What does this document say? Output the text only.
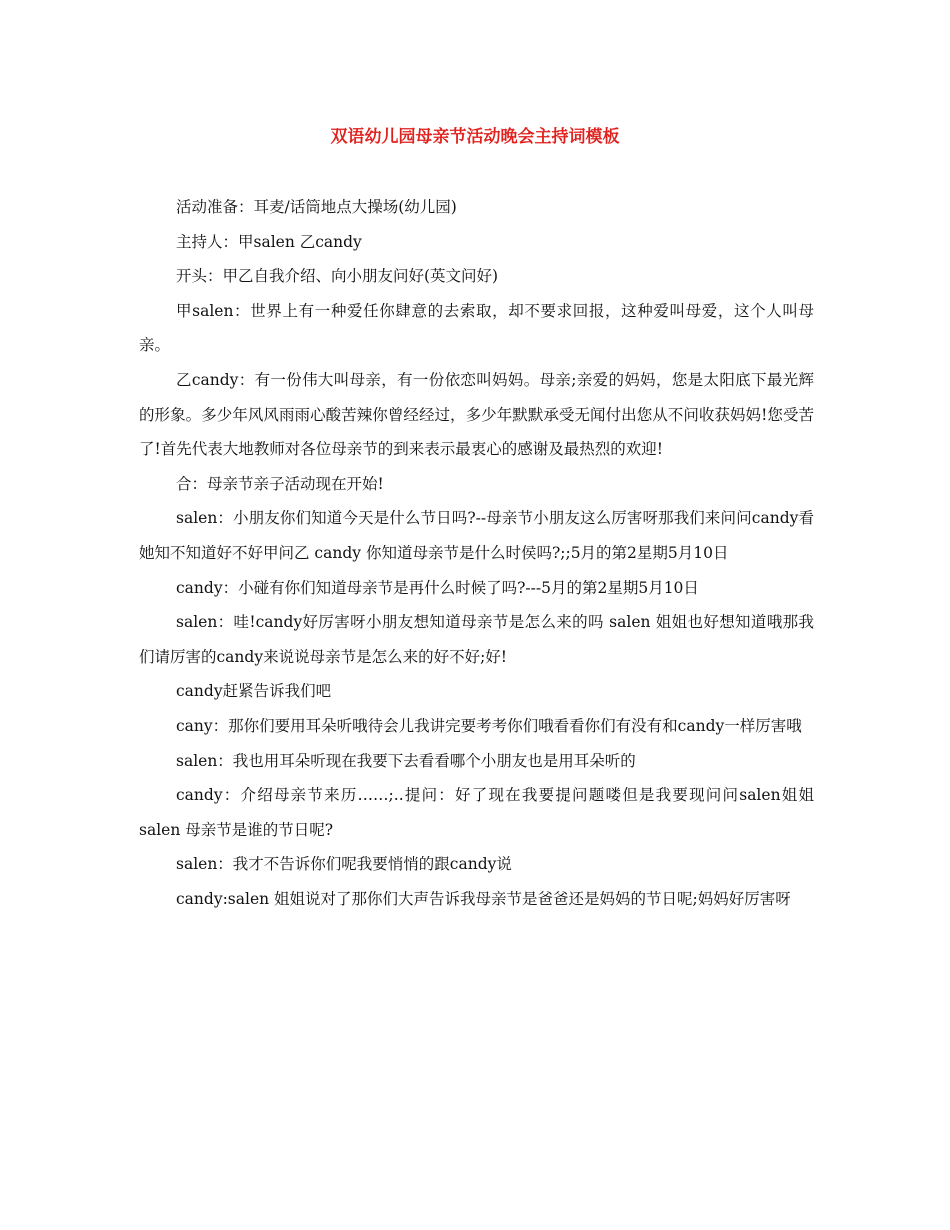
双语幼儿园母亲节活动晚会主持词模板

活动准备：耳麦/话筒地点大操场(幼儿园)

主持人：甲salen 乙candy

开头：甲乙自我介绍、向小朋友问好(英文问好)

甲salen：世界上有一种爱任你肆意的去索取，却不要求回报，这种爱叫母爱，这个人叫母亲。

乙candy：有一份伟大叫母亲，有一份依恋叫妈妈。母亲;亲爱的妈妈，您是太阳底下最光辉的形象。多少年风风雨雨心酸苦辣你曾经经过，多少年默默承受无闻付出您从不问收获妈妈!您受苦了!首先代表大地教师对各位母亲节的到来表示最衷心的感谢及最热烈的欢迎!

合：母亲节亲子活动现在开始!

salen：小朋友你们知道今天是什么节日吗?--母亲节小朋友这么厉害呀那我们来问问candy看她知不知道好不好甲问乙 candy 你知道母亲节是什么时侯吗?;;5月的第2星期5月10日

candy：小碰有你们知道母亲节是再什么时候了吗?---5月的第2星期5月10日

salen：哇!candy好厉害呀小朋友想知道母亲节是怎么来的吗 salen 姐姐也好想知道哦那我们请厉害的candy来说说母亲节是怎么来的好不好;好!

candy赶紧告诉我们吧

cany：那你们要用耳朵听哦待会儿我讲完要考考你们哦看看你们有没有和candy一样厉害哦

salen：我也用耳朵听现在我要下去看看哪个小朋友也是用耳朵听的

candy：介绍母亲节来历……;..提问：好了现在我要提问题喽但是我要现问问salen姐姐 salen 母亲节是谁的节日呢?

salen：我才不告诉你们呢我要悄悄的跟candy说

candy:salen 姐姐说对了那你们大声告诉我母亲节是爸爸还是妈妈的节日呢;妈妈好厉害呀
